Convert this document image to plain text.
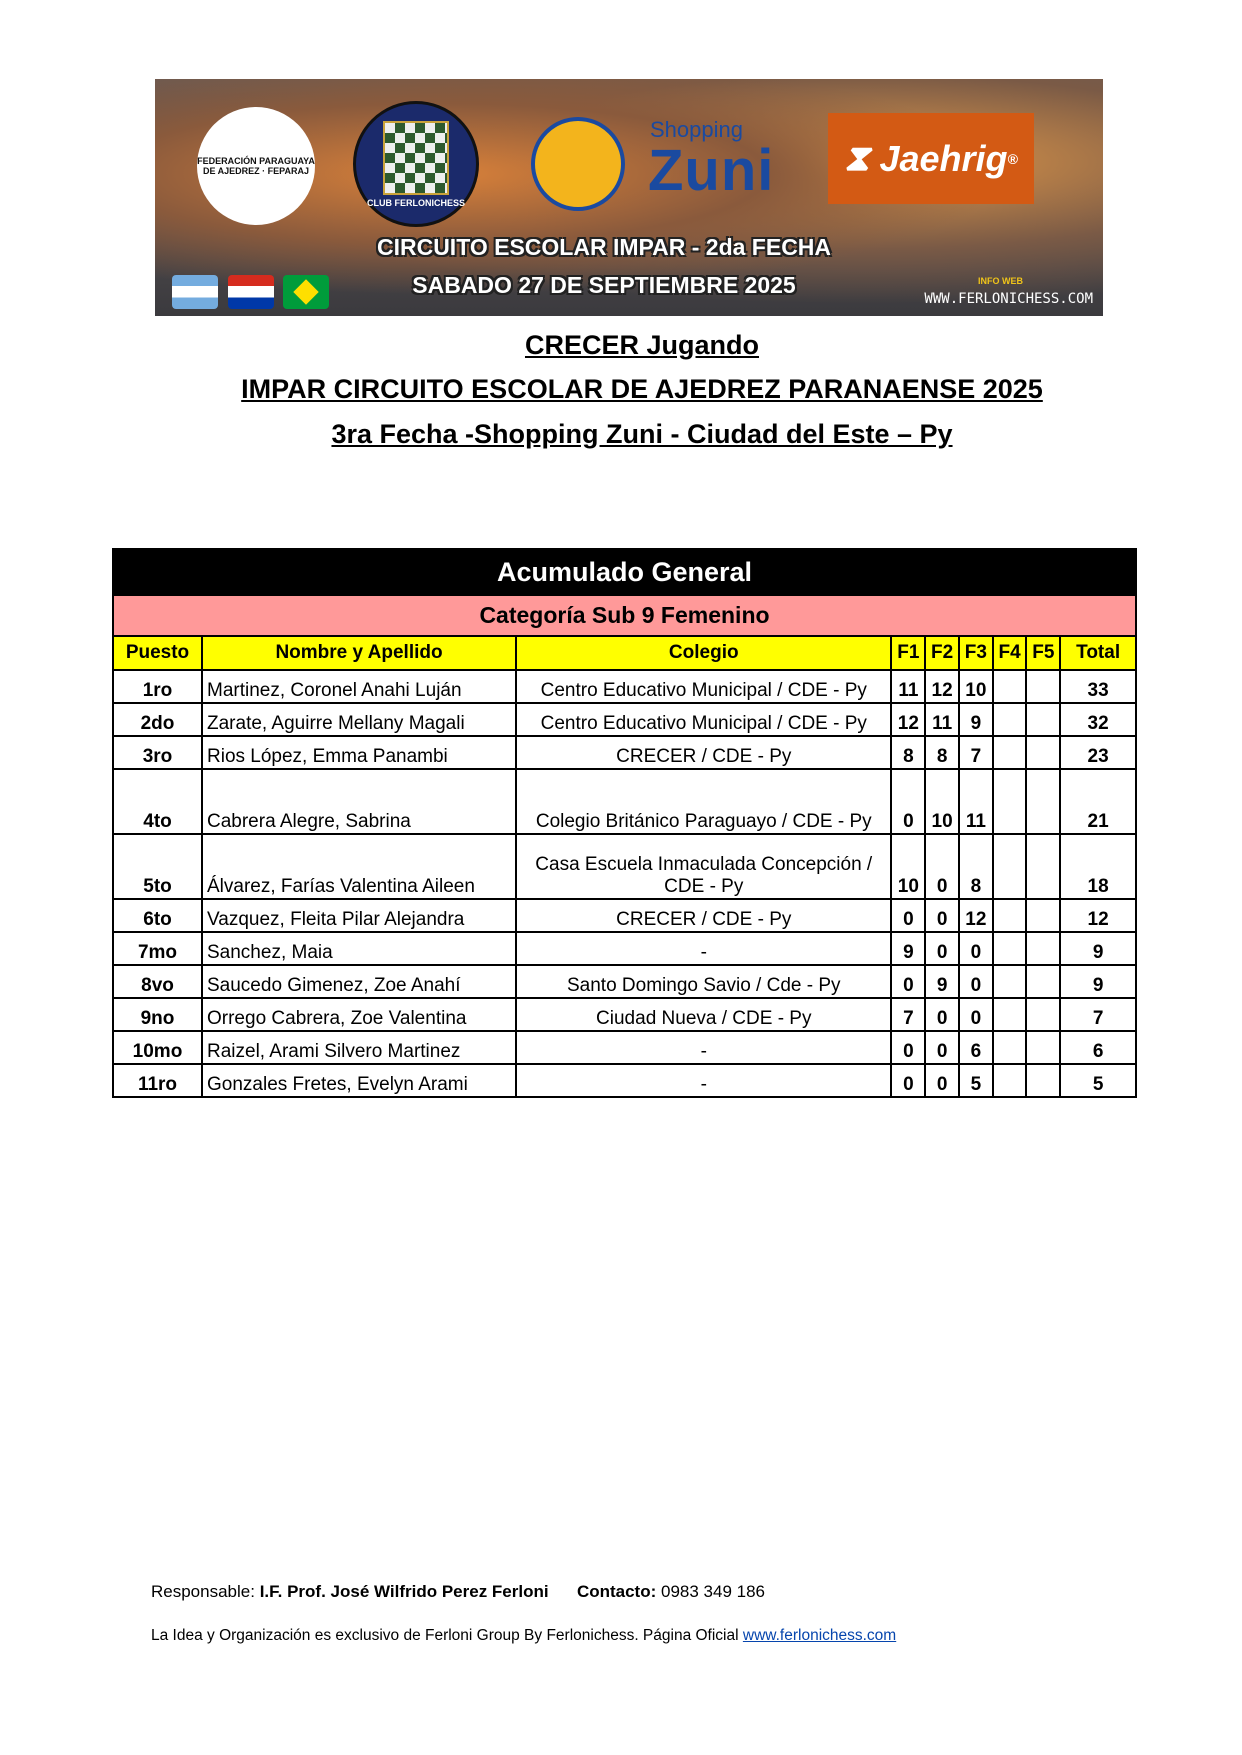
FEDERACIÓN PARAGUAYA DE AJEDREZ · FEPARAJ
CLUB FERLONICHESS
Shopping
Zuni ⧗
Jaehrig ®
CIRCUITO ESCOLAR IMPAR - 2da FECHA
SABADO 27 DE SEPTIEMBRE 2025	INFO WEB
WWW.FERLONICHESS.COM
CRECER Jugando
IMPAR CIRCUITO ESCOLAR DE AJEDREZ PARANAENSE 2025
3ra Fecha -Shopping Zuni - Ciudad del Este – Py
Acumulado General								
Categoría Sub 9 Femenino								
Puesto	Nombre y Apellido	Colegio	F1	F2	F3	F4	F5	Total
1ro	Martinez, Coronel Anahi Luján	Centro Educativo Municipal / CDE - Py	11	12	10			33
2do	Zarate, Aguirre Mellany Magali	Centro Educativo Municipal / CDE - Py	12	11	9			32
3ro	Rios López, Emma Panambi	CRECER / CDE - Py	8	8	7			23
4to	Cabrera Alegre, Sabrina	Colegio Británico Paraguayo / CDE - Py	0	10	11			21
5to	Álvarez, Farías Valentina Aileen	Casa Escuela Inmaculada Concepción / CDE - Py	10	0	8			18
6to	Vazquez, Fleita Pilar Alejandra	CRECER / CDE - Py	0	0	12			12
7mo	Sanchez, Maia	-	9	0	0			9
8vo	Saucedo Gimenez, Zoe Anahí	Santo Domingo Savio / Cde - Py	0	9	0			9
9no	Orrego Cabrera, Zoe Valentina	Ciudad Nueva / CDE - Py	7	0	0			7
10mo	Raizel, Arami Silvero Martinez	-	0	0	6			6
11ro	Gonzales Fretes, Evelyn Arami	-	0	0	5			5
Responsable: I.F. Prof. José Wilfrido Perez Ferloni Contacto: 0983 349 186
La Idea y Organización es exclusivo de Ferloni Group By Ferlonichess. Página Oficial www.ferlonichess.com
